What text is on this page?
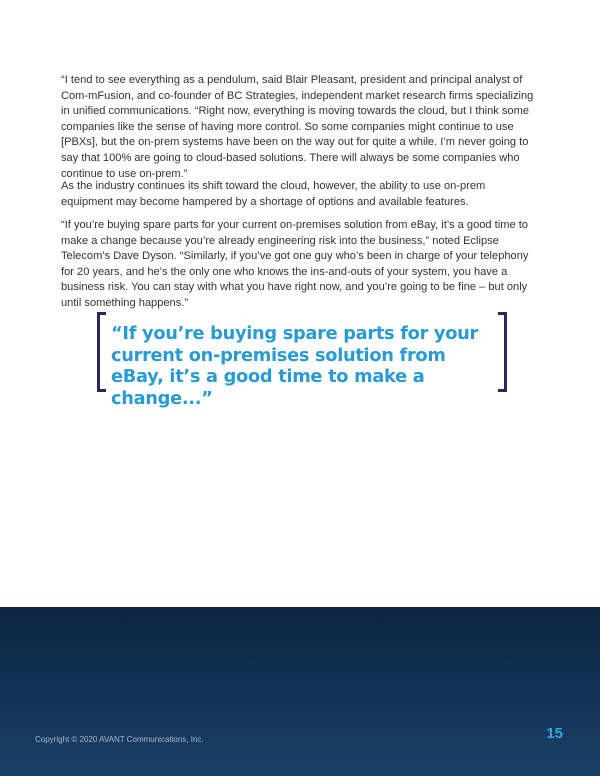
“I tend to see everything as a pendulum, said Blair Pleasant, president and principal analyst of Com-mFusion, and co-founder of BC Strategies, independent market research firms specializing in unified communications. “Right now, everything is moving towards the cloud, but I think some companies like the sense of having more control. So some companies might continue to use [PBXs], but the on-prem systems have been on the way out for quite a while. I’m never going to say that 100% are going to cloud-based solutions. There will always be some companies who continue to use on-prem.”

As the industry continues its shift toward the cloud, however, the ability to use on-prem equipment may become hampered by a shortage of options and available features.

“If you’re buying spare parts for your current on-premises solution from eBay, it’s a good time to make a change because you’re already engineering risk into the business,” noted Eclipse Telecom’s Dave Dyson. “Similarly, if you’ve got one guy who’s been in charge of your telephony for 20 years, and he’s the only one who knows the ins-and-outs of your system, you have a business risk. You can stay with what you have right now, and you’re going to be fine – but only until something happens.”

“If you’re buying spare parts for your current on-premises solution from eBay, it’s a good time to make a change...”

Copyright © 2020 AVANT Communications, Inc.	15
